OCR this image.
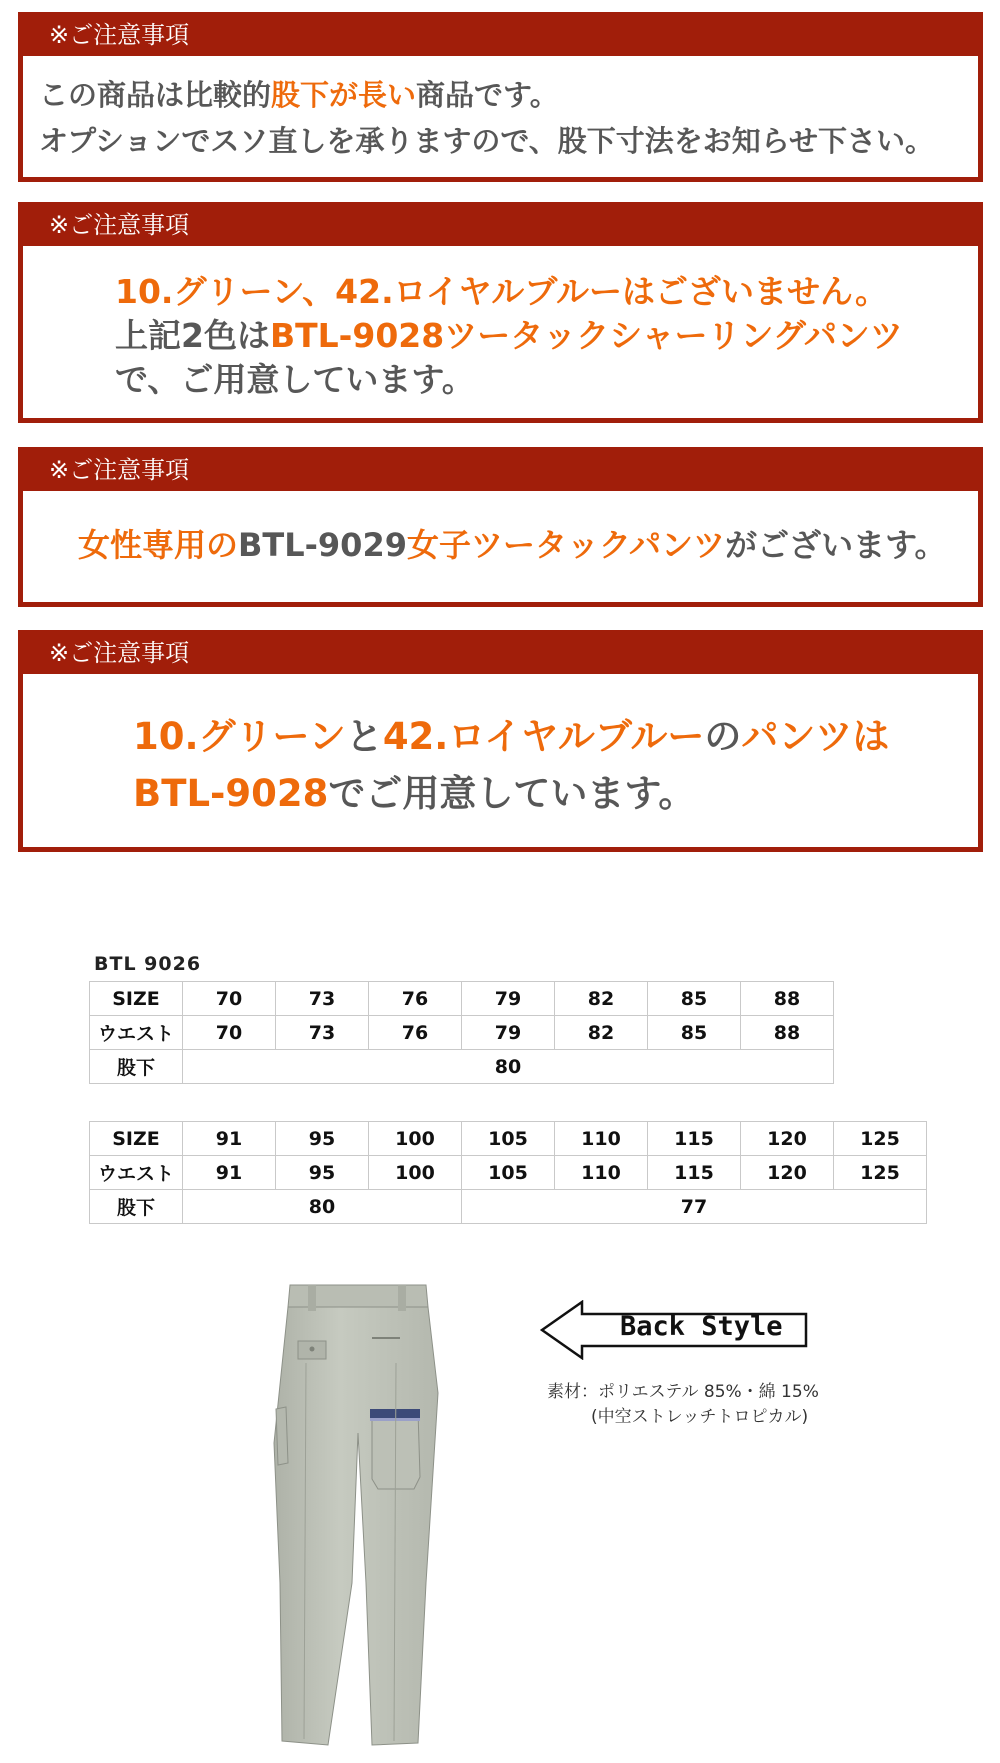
※ご注意事項
この商品は比較的股下が長い商品です。
オプションでスソ直しを承りますので、股下寸法をお知らせ下さい。
※ご注意事項
10.グリーン、42.ロイヤルブルーはございません。
上記2色はBTL-9028ツータックシャーリングパンツ
で、ご用意しています。
※ご注意事項
女性専用のBTL-9029女子ツータックパンツがございます。
※ご注意事項
10.グリーンと42.ロイヤルブルーのパンツは
BTL-9028でご用意しています。
BTL 9026
SIZE	70	73	76	79	82	85	88
ウエスト	70	73	76	79	82	85	88
股下	80						
SIZE	91	95	100	105	110	115	120	125
ウエスト	91	95	100	105	110	115	120	125
股下	80			77				
Back Style
素材：ポリエステル 85%・綿 15%
(中空ストレッチトロピカル)
